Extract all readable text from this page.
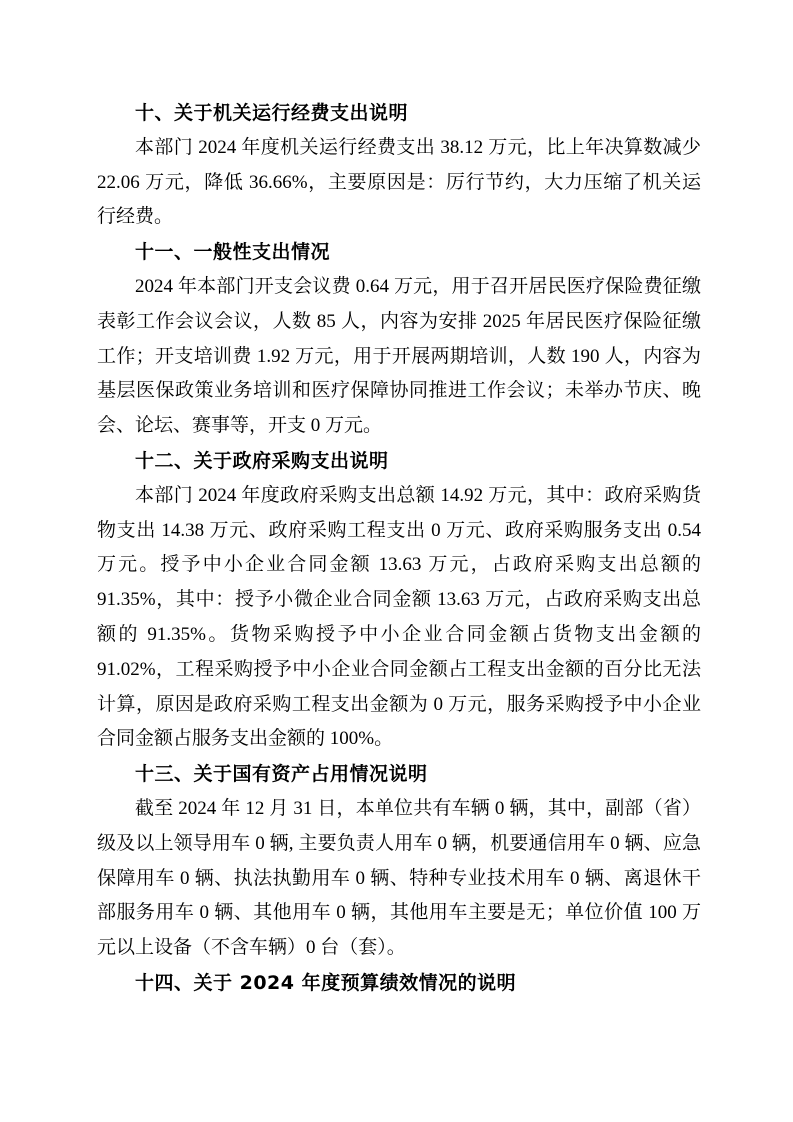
十、关于机关运行经费支出说明

本部门 2024 年度机关运行经费支出 38.12 万元，比上年决算数减少 22.06 万元，降低 36.66%，主要原因是：厉行节约，大力压缩了机关运行经费。

十一、一般性支出情况

2024 年本部门开支会议费 0.64 万元，用于召开居民医疗保险费征缴表彰工作会议会议，人数 85 人，内容为安排 2025 年居民医疗保险征缴工作；开支培训费 1.92 万元，用于开展两期培训，人数 190 人，内容为基层医保政策业务培训和医疗保障协同推进工作会议；未举办节庆、晚会、论坛、赛事等，开支 0 万元。

十二、关于政府采购支出说明

本部门 2024 年度政府采购支出总额 14.92 万元，其中：政府采购货物支出 14.38 万元、政府采购工程支出 0 万元、政府采购服务支出 0.54 万元。授予中小企业合同金额 13.63 万元，占政府采购支出总额的 91.35%，其中：授予小微企业合同金额 13.63 万元，占政府采购支出总额的 91.35%。货物采购授予中小企业合同金额占货物支出金额的 91.02%，工程采购授予中小企业合同金额占工程支出金额的百分比无法计算，原因是政府采购工程支出金额为 0 万元，服务采购授予中小企业合同金额占服务支出金额的 100%。

十三、关于国有资产占用情况说明

截至 2024 年 12 月 31 日，本单位共有车辆 0 辆，其中，副部（省）级及以上领导用车 0 辆, 主要负责人用车 0 辆，机要通信用车 0 辆、应急保障用车 0 辆、执法执勤用车 0 辆、特种专业技术用车 0 辆、离退休干部服务用车 0 辆、其他用车 0 辆，其他用车主要是无；单位价值 100 万元以上设备（不含车辆）0 台（套）。

十四、关于 2024 年度预算绩效情况的说明
